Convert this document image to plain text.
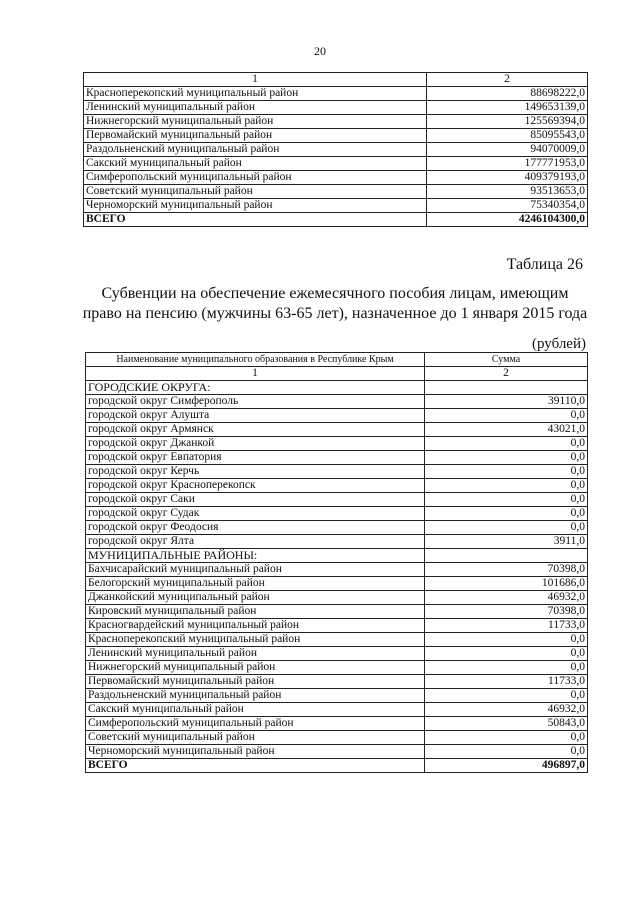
20
1	2
Красноперекопский муниципальный район	88698222,0
Ленинский муниципальный район	149653139,0
Нижнегорский муниципальный район	125569394,0
Первомайский муниципальный район	85095543,0
Раздольненский муниципальный район	94070009,0
Сакский муниципальный район	177771953,0
Симферопольский муниципальный район	409379193,0
Советский муниципальный район	93513653,0
Черноморский муниципальный район	75340354,0
ВСЕГО	4246104300,0
Таблица 26
Субвенции на обеспечение ежемесячного пособия лицам, имеющим право на пенсию (мужчины 63-65 лет), назначенное до 1 января 2015 года
(рублей)
Наименование муниципального образования в Республике Крым	Сумма
1	2
ГОРОДСКИЕ ОКРУГА:	
городской округ Симферополь	39110,0
городской округ Алушта	0,0
городской округ Армянск	43021,0
городской округ Джанкой	0,0
городской округ Евпатория	0,0
городской округ Керчь	0,0
городской округ Красноперекопск	0,0
городской округ Саки	0,0
городской округ Судак	0,0
городской округ Феодосия	0,0
городской округ Ялта	3911,0
МУНИЦИПАЛЬНЫЕ РАЙОНЫ:	
Бахчисарайский муниципальный район	70398,0
Белогорский муниципальный район	101686,0
Джанкойский муниципальный район	46932,0
Кировский муниципальный район	70398,0
Красногвардейский муниципальный район	11733,0
Красноперекопский муниципальный район	0,0
Ленинский муниципальный район	0,0
Нижнегорский муниципальный район	0,0
Первомайский муниципальный район	11733,0
Раздольненский муниципальный район	0,0
Сакский муниципальный район	46932,0
Симферопольский муниципальный район	50843,0
Советский муниципальный район	0,0
Черноморский муниципальный район	0,0
ВСЕГО	496897,0
